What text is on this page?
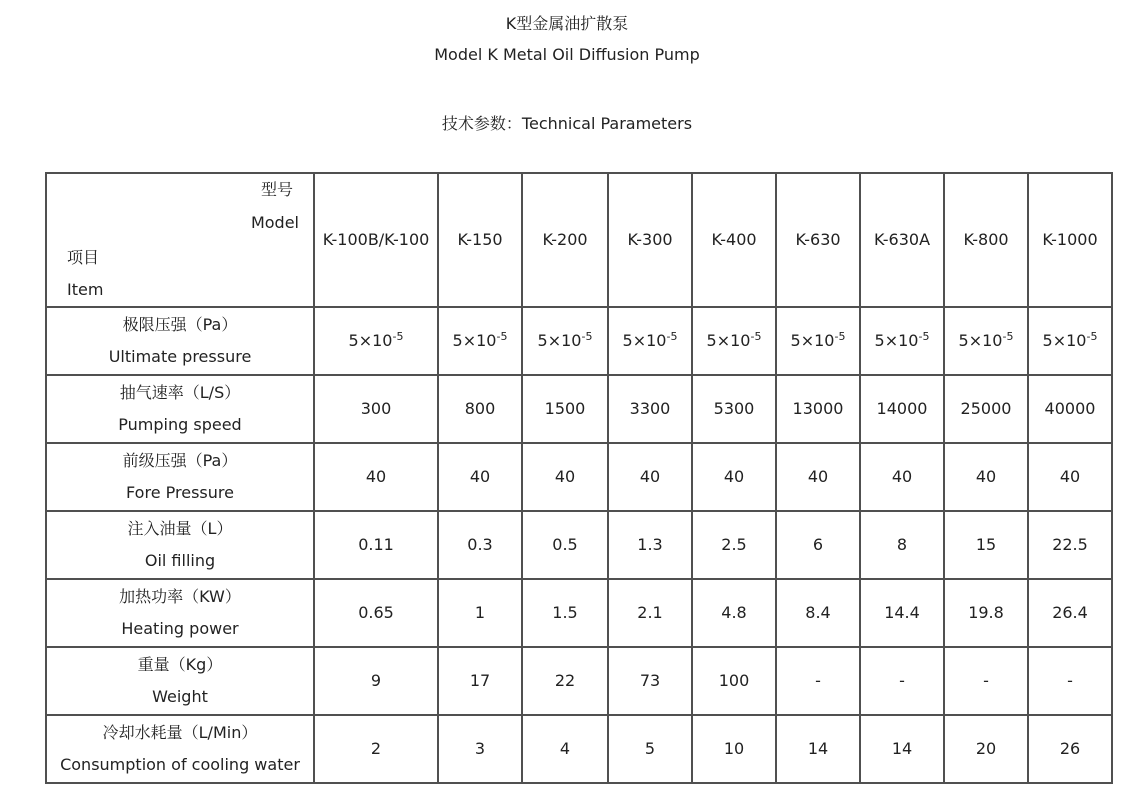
K型金属油扩散泵
Model K Metal Oil Diffusion Pump
技术参数：Technical Parameters
型号
Model
项目
Item	K-100B/K-100	K-150	K-200	K-300	K-400	K-630	K-630A	K-800	K-1000

极限压强（Pa）
Ultimate pressure	$5\times 10^{-5}$	$5\times 10^{-5}$	$5\times 10^{-5}$	$5\times 10^{-5}$	$5\times 10^{-5}$	$5\times 10^{-5}$	$5\times 10^{-5}$	$5\times 10^{-5}$	$5\times 10^{-5}$

抽气速率（L/S）
Pumping speed	300	800	1500	3300	5300	13000	14000	25000	40000

前级压强（Pa）
Fore Pressure	40	40	40	40	40	40	40	40	40

注入油量（L）
Oil filling	0.11	0.3	0.5	1.3	2.5	6	8	15	22.5

加热功率（KW）
Heating power	0.65	1	1.5	2.1	4.8	8.4	14.4	19.8	26.4

重量（Kg）
Weight	9	17	22	73	100	-	-	-	-

冷却水耗量（L/Min）
Consumption of cooling water	2	3	4	5	10	14	14	20	26
